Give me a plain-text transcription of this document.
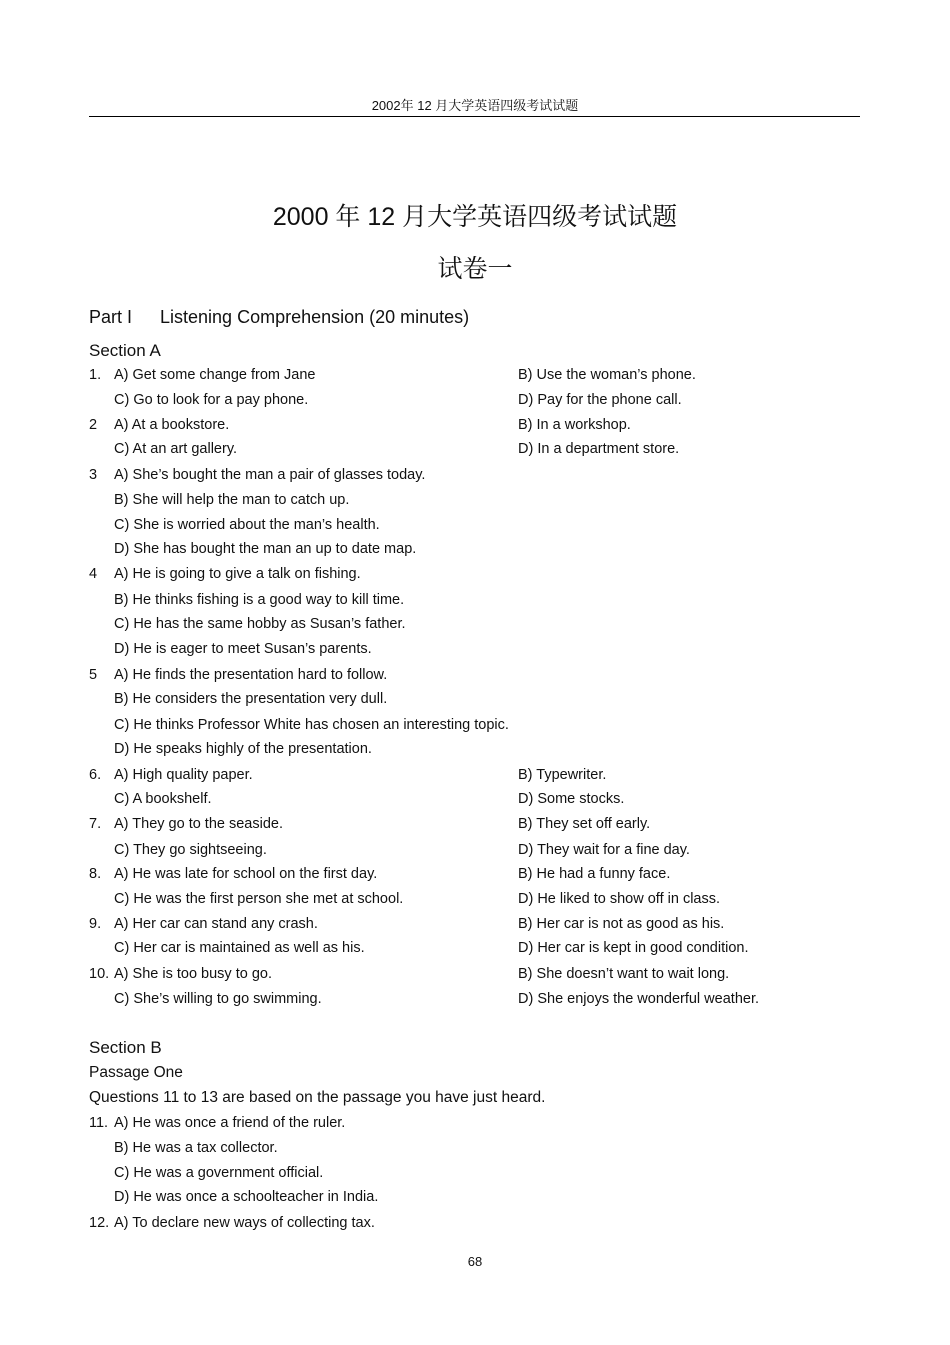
2002年 12 月大学英语四级考试试题
2000 年 12 月大学英语四级考试试题
试卷一
Part I Listening Comprehension (20 minutes)
Section A
1. A) Get some change from Jane	B) Use the woman’s phone.
C) Go to look for a pay phone.	D) Pay for the phone call.
2 A) At a bookstore.	B) In a workshop.
C) At an art gallery.	D) In a department store.
3 A) She’s bought the man a pair of glasses today.
B) She will help the man to catch up.
C) She is worried about the man’s health.
D) She has bought the man an up to date map.
4 A) He is going to give a talk on fishing.
B) He thinks fishing is a good way to kill time.
C) He has the same hobby as Susan’s father.
D) He is eager to meet Susan’s parents.
5 A) He finds the presentation hard to follow.
B) He considers the presentation very dull.
C) He thinks Professor White has chosen an interesting topic.
D) He speaks highly of the presentation.
6. A) High quality paper.	B) Typewriter.
C) A bookshelf.	D) Some stocks.
7. A) They go to the seaside.	B) They set off early.
C) They go sightseeing.	D) They wait for a fine day.
8. A) He was late for school on the first day.	B) He had a funny face.
C) He was the first person she met at school.	D) He liked to show off in class.
9. A) Her car can stand any crash.	B) Her car is not as good as his.
C) Her car is maintained as well as his.	D) Her car is kept in good condition.
10. A) She is too busy to go.	B) She doesn’t want to wait long.
C) She’s willing to go swimming.	D) She enjoys the wonderful weather.
Section B
Passage One
Questions 11 to 13 are based on the passage you have just heard.
11. A) He was once a friend of the ruler.
B) He was a tax collector.
C) He was a government official.
D) He was once a schoolteacher in India.
12. A) To declare new ways of collecting tax.
68
